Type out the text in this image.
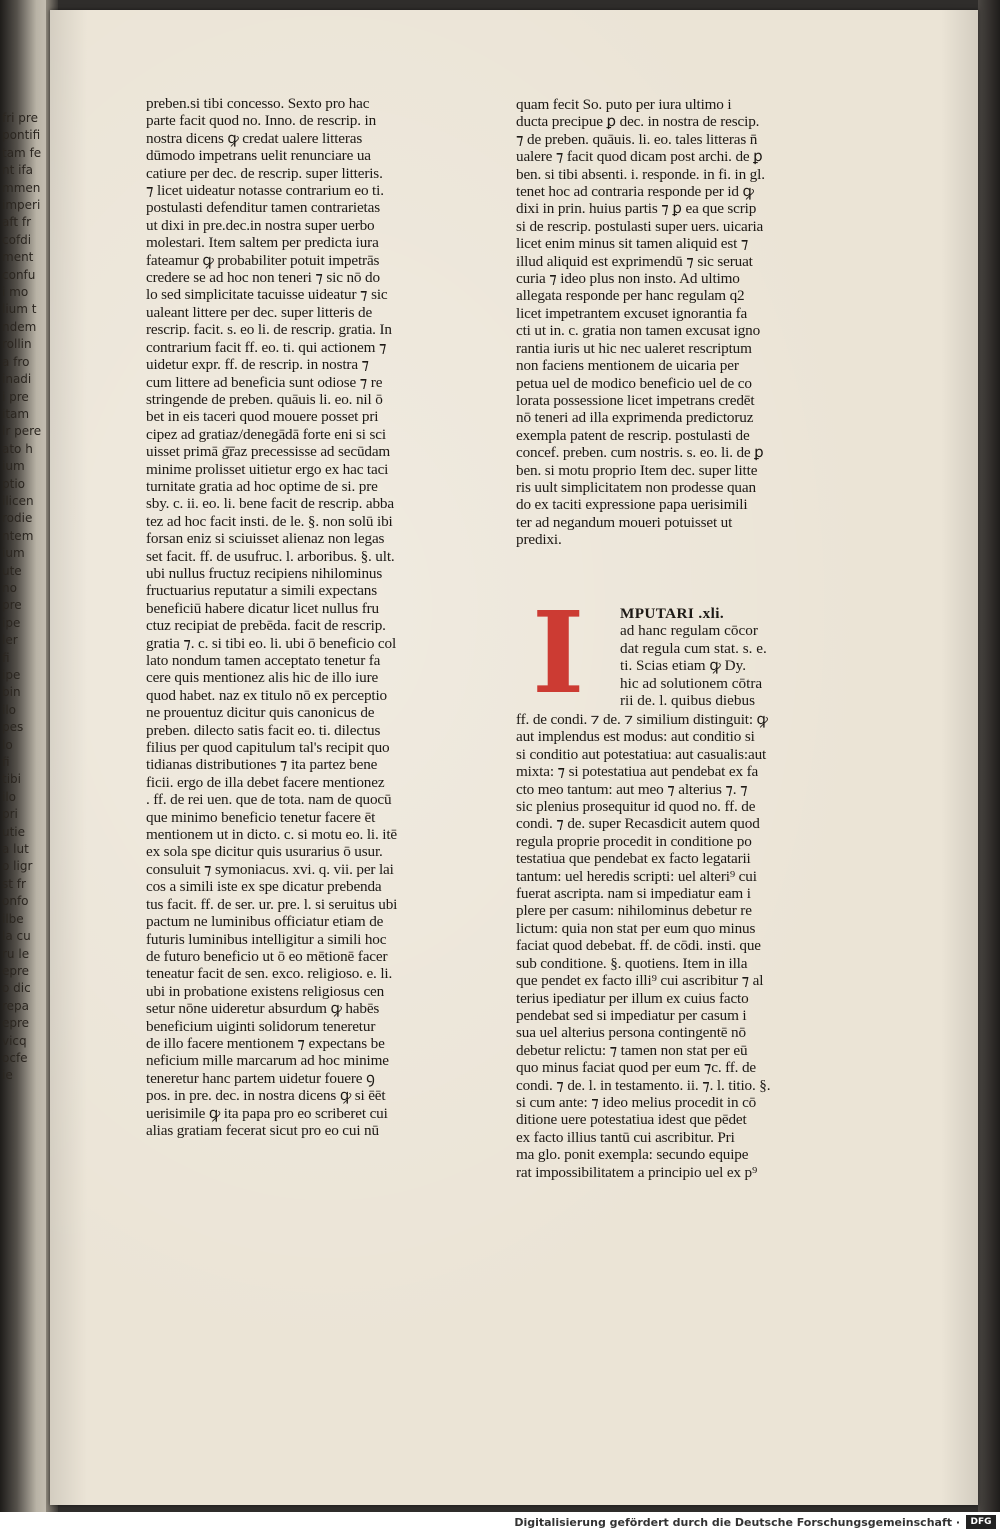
fri pre
pontifi
tam fe
nt ifa
mmen
imperi
aft fr
cofdi
ment
confu
i mo
lium t
ndem
rollin
a fro
inadi
i pre
itam
lr pere
ato h
ium
ptio
ilicen
rodie
ntem
ium
ute
no
pre
ipe
ler
fi
ipe
bin
ilo
pes
lo
fi
tibi
ilo
pri
utie
a lut
o ligr
st fr
onfo
ilbe
la cu
ru le
epre
o dic
repa
epre
vicq
ocfe
ie
preben.si tibi concesso. Sexto pro hac
parte facit quod no. Inno. de rescrip. in
nostra dicens ꝙ credat ualere litteras
dūmodo impetrans uelit renunciare ua
catiure per dec. de rescrip. super litteris.
⁊ licet uideatur notasse contrarium eo ti.
postulasti defenditur tamen contrarietas
ut dixi in pre.dec.in nostra super uerbo
molestari. Item saltem per predicta iura
fateamur ꝙ probabiliter potuit impetrās
credere se ad hoc non teneri ⁊ sic nō do
lo sed simplicitate tacuisse uideatur ⁊ sic
ualeant littere per dec. super litteris de
rescrip. facit. s. eo li. de rescrip. gratia. In
contrarium facit ff. eo. ti. qui actionem ⁊
uidetur expr. ff. de rescrip. in nostra ⁊
cum littere ad beneficia sunt odiose ⁊ re
stringende de preben. quāuis li. eo. nil ō
bet in eis taceri quod mouere posset pri
cipez ad gratiaz/denegādā forte eni si sci
uisset primā g͞raz precessisse ad secūdam
minime prolisset uitietur ergo ex hac taci
turnitate gratia ad hoc optime de si. pre
sby. c. ii. eo. li. bene facit de rescrip. abba
tez ad hoc facit insti. de le. §. non solū ibi
forsan eniz si sciuisset alienaz non legas
set facit. ff. de usufruc. l. arboribus. §. ult.
ubi nullus fructuz recipiens nihilominus
fructuarius reputatur a simili expectans
beneficiū habere dicatur licet nullus fru
ctuz recipiat de prebēda. facit de rescrip.
gratia ⁊. c. si tibi eo. li. ubi ō beneficio col
lato nondum tamen acceptato tenetur fa
cere quis mentionez alis hic de illo iure
quod habet. naz ex titulo nō ex perceptio
ne prouentuz dicitur quis canonicus de
preben. dilecto satis facit eo. ti. dilectus
filius per quod capitulum tal's recipit quo
tidianas distributiones ⁊ ita partez bene
ficii. ergo de illa debet facere mentionez
. ff. de rei uen. que de tota. nam de quocū
que minimo beneficio tenetur facere ēt
mentionem ut in dicto. c. si motu eo. li. itē
ex sola spe dicitur quis usurarius ō usur.
consuluit ⁊ symoniacus. xvi. q. vii. per lai
cos a simili iste ex spe dicatur prebenda
tus facit. ff. de ser. ur. pre. l. si seruitus ubi
pactum ne luminibus officiatur etiam de
futuris luminibus intelligitur a simili hoc
de futuro beneficio ut ō eo mētionē facer
teneatur facit de sen. exco. religioso. e. li.
ubi in probatione existens religiosus cen
setur nōne uideretur absurdum ꝙ habēs
beneficium uiginti solidorum teneretur
de illo facere mentionem ⁊ expectans be
neficium mille marcarum ad hoc minime
teneretur hanc partem uidetur fouere ꝯ
pos. in pre. dec. in nostra dicens ꝙ si ēēt
uerisimile ꝙ ita papa pro eo scriberet cui
alias gratiam fecerat sicut pro eo cui nū
quam fecit So. puto per iura ultimo i
ducta precipue ꝑ dec. in nostra de rescip.
⁊ de preben. quāuis. li. eo. tales litteras n̄
ualere ⁊ facit quod dicam post archi. de ꝑ
ben. si tibi absenti. i. responde. in fi. in gl.
tenet hoc ad contraria responde per id ꝙ
dixi in prin. huius partis ⁊ ꝑ ea que scrip
si de rescrip. postulasti super uers. uicaria
licet enim minus sit tamen aliquid est ⁊
illud aliquid est exprimendū ⁊ sic seruat
curia ⁊ ideo plus non insto. Ad ultimo
allegata responde per hanc regulam q2
licet impetrantem excuset ignorantia fa
cti ut in. c. gratia non tamen excusat igno
rantia iuris ut hic nec ualeret rescriptum
non faciens mentionem de uicaria per
petua uel de modico beneficio uel de co
lorata possessione licet impetrans credēt
nō teneri ad illa exprimenda predictoruz
exempla patent de rescrip. postulasti de
concef. preben. cum nostris. s. eo. li. de ꝑ
ben. si motu proprio Item dec. super litte
ris uult simplicitatem non prodesse quan
do ex taciti expressione papa uerisimili
ter ad negandum moueri potuisset ut
predixi.
I MPUTARI .xli.
ad hanc regulam cōcor
dat regula cum stat. s. e.
ti. Scias etiam ꝙ Dy.
hic ad solutionem cōtra
rii de. l. quibus diebus
ff. de condi. ⁊ de. ⁊ similium distinguit: ꝙ
aut implendus est modus: aut conditio si
si conditio aut potestatiua: aut casualis:aut
mixta: ⁊ si potestatiua aut pendebat ex fa
cto meo tantum: aut meo ⁊ alterius ⁊. ⁊
sic plenius prosequitur id quod no. ff. de
condi. ⁊ de. super Recasdicit autem quod
regula proprie procedit in conditione po
testatiua que pendebat ex facto legatarii
tantum: uel heredis scripti: uel alteri⁹ cui
fuerat ascripta. nam si impediatur eam i
plere per casum: nihilominus debetur re
lictum: quia non stat per eum quo minus
faciat quod debebat. ff. de cōdi. insti. que
sub conditione. §. quotiens. Item in illa
que pendet ex facto illi⁹ cui ascribitur ⁊ al
terius ipediatur per illum ex cuius facto
pendebat sed si impediatur per casum i
sua uel alterius persona contingentē nō
debetur relictu: ⁊ tamen non stat per eū
quo minus faciat quod per eum ⁊c. ff. de
condi. ⁊ de. l. in testamento. ii. ⁊. l. titio. §.
si cum ante: ⁊ ideo melius procedit in cō
ditione uere potestatiua idest que pēdet
ex facto illius tantū cui ascribitur. Pri
ma glo. ponit exempla: secundo equipe
rat impossibilitatem a principio uel ex p⁹
Digitalisierung gefördert durch die Deutsche Forschungsgemeinschaft ·	DFG
